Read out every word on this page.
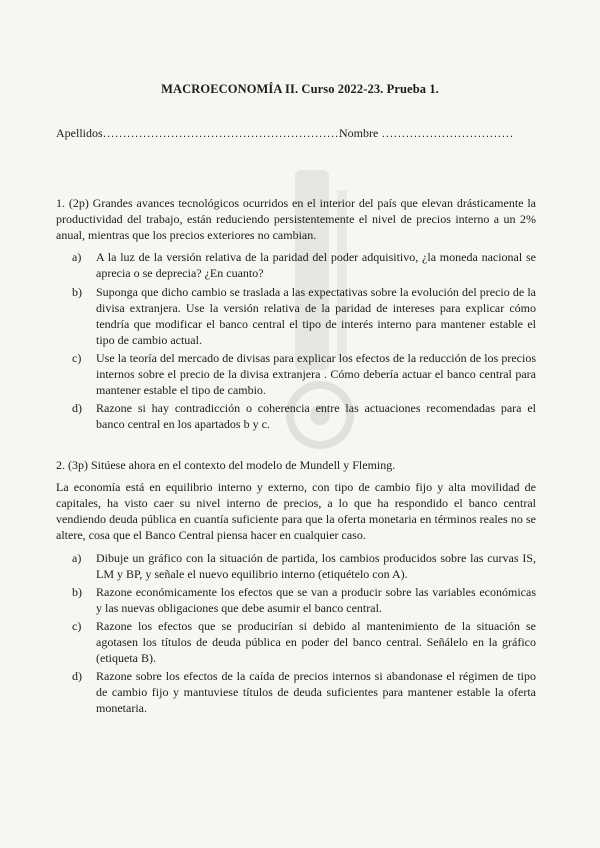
MACROECONOMÍA II. Curso 2022-23. Prueba 1.
Apellidos……………………………………………………
Nombre ……………………………
1. (2p) Grandes avances tecnológicos ocurridos en el interior del país que elevan drásticamente la productividad del trabajo, están reduciendo persistentemente el nivel de precios interno a un 2% anual, mientras que los precios exteriores no cambian.
a)	A la luz de la versión relativa de la paridad del poder adquisitivo, ¿la moneda nacional se aprecia o se deprecia? ¿En cuanto?
b)	Suponga que dicho cambio se traslada a las expectativas sobre la evolución del precio de la divisa extranjera. Use la versión relativa de la paridad de intereses para explicar cómo tendría que modificar el banco central el tipo de interés interno para mantener estable el tipo de cambio actual.
c)	Use la teoría del mercado de divisas para explicar los efectos de la reducción de los precios internos sobre el precio de la divisa extranjera . Cómo debería actuar el banco central para mantener estable el tipo de cambio.
d)	Razone si hay contradicción o coherencia entre las actuaciones recomendadas para el banco central en los apartados b y c.
2. (3p) Sitúese ahora en el contexto del modelo de Mundell y Fleming.
La economía está en equilibrio interno y externo, con tipo de cambio fijo y alta movilidad de capitales, ha visto caer su nivel interno de precios, a lo que ha respondido el banco central vendiendo deuda pública en cuantía suficiente para que la oferta monetaria en términos reales no se altere, cosa que el Banco Central piensa hacer en cualquier caso.
a)	Dibuje un gráfico con la situación de partida, los cambios producidos sobre las curvas IS, LM y BP, y señale el nuevo equilibrio interno (etiquételo con A).
b)	Razone económicamente los efectos que se van a producir sobre las variables económicas y las nuevas obligaciones que debe asumir el banco central.
c)	Razone los efectos que se producirían si debido al mantenimiento de la situación se agotasen los títulos de deuda pública en poder del banco central. Señálelo en la gráfico (etiqueta B).
d)	Razone sobre los efectos de la caída de precios internos si abandonase el régimen de tipo de cambio fijo y mantuviese títulos de deuda suficientes para mantener estable la oferta monetaria.
